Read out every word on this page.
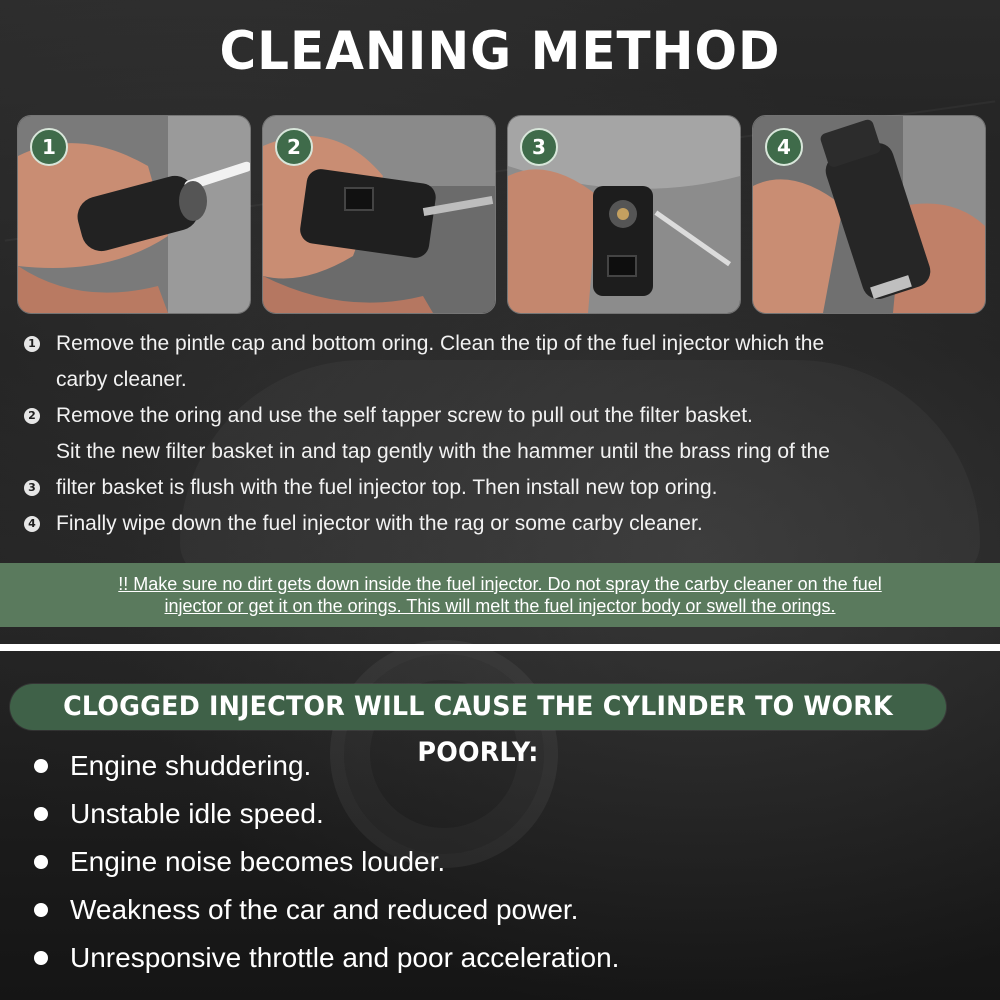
CLEANING METHOD
1	2	3	4
1 Remove the pintle cap and bottom oring. Clean the tip of the fuel injector which the
carby cleaner.
2 Remove the oring and use the self tapper screw to pull out the filter basket.
3
Sit the new filter basket in and tap gently with the hammer until the brass ring of the
filter basket is flush with the fuel injector top. Then install new top oring.
4 Finally wipe down the fuel injector with the rag or some carby cleaner.
!! Make sure no dirt gets down inside the fuel injector. Do not spray the carby cleaner on the fuel
injector or get it on the orings. This will melt the fuel injector body or swell the orings.
CLOGGED INJECTOR WILL CAUSE THE CYLINDER TO WORK POORLY:
Engine shuddering.
Unstable idle speed.
Engine noise becomes louder.
Weakness of the car and reduced power.
Unresponsive throttle and poor acceleration.
